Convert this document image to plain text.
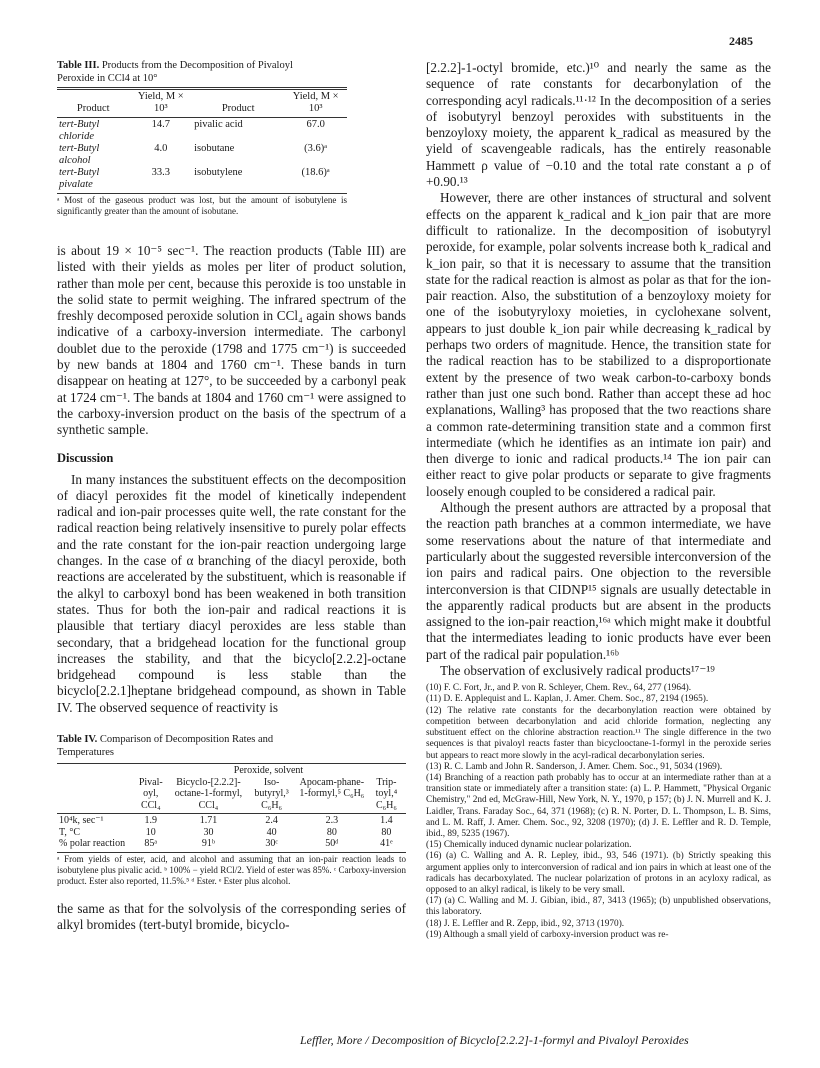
2485
Table III. Products from the Decomposition of Pivaloyl Peroxide in CCl4 at 10°
Product	Yield, M × 10³	Product	Yield, M × 10³

tert-Butyl chloride	14.7	pivalic acid	67.0
tert-Butyl alcohol	4.0	isobutane	(3.6)ᵃ
tert-Butyl pivalate	33.3	isobutylene	(18.6)ᵃ
ᵃ Most of the gaseous product was lost, but the amount of isobutylene is significantly greater than the amount of isobutane.

is about 19 × 10⁻⁵ sec⁻¹. The reaction products (Table III) are listed with their yields as moles per liter of product solution, rather than mole per cent, because this peroxide is too unstable in the solid state to permit weighing. The infrared spectrum of the freshly decomposed peroxide solution in CCl₄ again shows bands indicative of a carboxy-inversion intermediate. The carbonyl doublet due to the peroxide (1798 and 1775 cm⁻¹) is succeeded by new bands at 1804 and 1760 cm⁻¹. These bands in turn disappear on heating at 127°, to be succeeded by a carbonyl peak at 1724 cm⁻¹. The bands at 1804 and 1760 cm⁻¹ were assigned to the carboxy-inversion product on the basis of the spectrum of a synthetic sample.

Discussion

In many instances the substituent effects on the decomposition of diacyl peroxides fit the model of kinetically independent radical and ion-pair processes quite well, the rate constant for the radical reaction being relatively insensitive to purely polar effects and the rate constant for the ion-pair reaction undergoing large changes. In the case of α branching of the diacyl peroxide, both reactions are accelerated by the substituent, which is reasonable if the alkyl to carboxyl bond has been weakened in both transition states. Thus for both the ion-pair and radical reactions it is plausible that tertiary diacyl peroxides are less stable than secondary, that a bridgehead location for the functional group increases the stability, and that the bicyclo[2.2.2]-octane bridgehead compound is less stable than the bicyclo[2.2.1]heptane bridgehead compound, as shown in Table IV. The observed sequence of reactivity is

Table IV. Comparison of Decomposition Rates and Temperatures
	Peroxide, solvent				
	Pival-oyl, CCl₄	Bicyclo-[2.2.2]-octane-1-formyl, CCl₄	Iso-butyryl,³ C₆H₆	Apocam-phane-1-formyl,⁵ C₆H₆	Trip-toyl,⁴ C₆H₆

10⁴k, sec⁻¹	1.9	1.71	2.4	2.3	1.4
T, °C	10	30	40	80	80
% polar reaction	85ᵃ	91ᵇ	30ᶜ	50ᵈ	41ᵉ
ᵃ From yields of ester, acid, and alcohol and assuming that an ion-pair reaction leads to isobutylene plus pivalic acid. ᵇ 100% − yield RCl/2. Yield of ester was 85%. ᶜ Carboxy-inversion product. Ester also reported, 11.5%.⁵ ᵈ Ester. ᵉ Ester plus alcohol.

the same as that for the solvolysis of the corresponding series of alkyl bromides (tert-butyl bromide, bicyclo-

[2.2.2]-1-octyl bromide, etc.)¹⁰ and nearly the same as the sequence of rate constants for decarbonylation of the corresponding acyl radicals.¹¹·¹² In the decomposition of a series of isobutyryl benzoyl peroxides with substituents in the benzoyloxy moiety, the apparent k_radical as measured by the yield of scavengeable radicals, has the entirely reasonable Hammett ρ value of −0.10 and the total rate constant a ρ of +0.90.¹³

However, there are other instances of structural and solvent effects on the apparent k_radical and k_ion pair that are more difficult to rationalize. In the decomposition of isobutyryl peroxide, for example, polar solvents increase both k_radical and k_ion pair, so that it is necessary to assume that the transition state for the radical reaction is almost as polar as that for the ion-pair reaction. Also, the substitution of a benzoyloxy moiety for one of the isobutyryloxy moieties, in cyclohexane solvent, appears to just double k_ion pair while decreasing k_radical by perhaps two orders of magnitude. Hence, the transition state for the radical reaction has to be stabilized to a disproportionate extent by the presence of two weak carbon-to-carboxy bonds rather than just one such bond. Rather than accept these ad hoc explanations, Walling³ has proposed that the two reactions share a common rate-determining transition state and a common first intermediate (which he identifies as an intimate ion pair) and then diverge to ionic and radical products.¹⁴ The ion pair can either react to give polar products or separate to give fragments loosely enough coupled to be considered a radical pair.

Although the present authors are attracted by a proposal that the reaction path branches at a common intermediate, we have some reservations about the nature of that intermediate and particularly about the suggested reversible interconversion of the ion pairs and radical pairs. One objection to the reversible interconversion is that CIDNP¹⁵ signals are usually detectable in the apparently radical products but are absent in the products assigned to the ion-pair reaction,¹⁶ᵃ which might make it doubtful that the intermediates leading to ionic products have ever been part of the radical pair population.¹⁶ᵇ

The observation of exclusively radical products¹⁷⁻¹⁹

(10) F. C. Fort, Jr., and P. von R. Schleyer, Chem. Rev., 64, 277 (1964).
(11) D. E. Applequist and L. Kaplan, J. Amer. Chem. Soc., 87, 2194 (1965).
(12) The relative rate constants for the decarbonylation reaction were obtained by competition between decarbonylation and acid chloride formation, neglecting any substituent effect on the chlorine abstraction reaction.¹¹ The single difference in the two sequences is that pivaloyl reacts faster than bicyclooctane-1-formyl in the peroxide series but appears to react more slowly in the acyl-radical decarbonylation series.
(13) R. C. Lamb and John R. Sanderson, J. Amer. Chem. Soc., 91, 5034 (1969).
(14) Branching of a reaction path probably has to occur at an intermediate rather than at a transition state or immediately after a transition state: (a) L. P. Hammett, "Physical Organic Chemistry," 2nd ed, McGraw-Hill, New York, N. Y., 1970, p 157; (b) J. N. Murrell and K. J. Laidler, Trans. Faraday Soc., 64, 371 (1968); (c) R. N. Porter, D. L. Thompson, L. B. Sims, and L. M. Raff, J. Amer. Chem. Soc., 92, 3208 (1970); (d) J. E. Leffler and R. D. Temple, ibid., 89, 5235 (1967).
(15) Chemically induced dynamic nuclear polarization.
(16) (a) C. Walling and A. R. Lepley, ibid., 93, 546 (1971). (b) Strictly speaking this argument applies only to interconversion of radical and ion pairs in which at least one of the radicals has decarboxylated. The nuclear polarization of protons in an acyloxy radical, as opposed to an alkyl radical, is likely to be very small.
(17) (a) C. Walling and M. J. Gibian, ibid., 87, 3413 (1965); (b) unpublished observations, this laboratory.
(18) J. E. Leffler and R. Zepp, ibid., 92, 3713 (1970).
(19) Although a small yield of carboxy-inversion product was re-
Leffler, More / Decomposition of Bicyclo[2.2.2]-1-formyl and Pivaloyl Peroxides
